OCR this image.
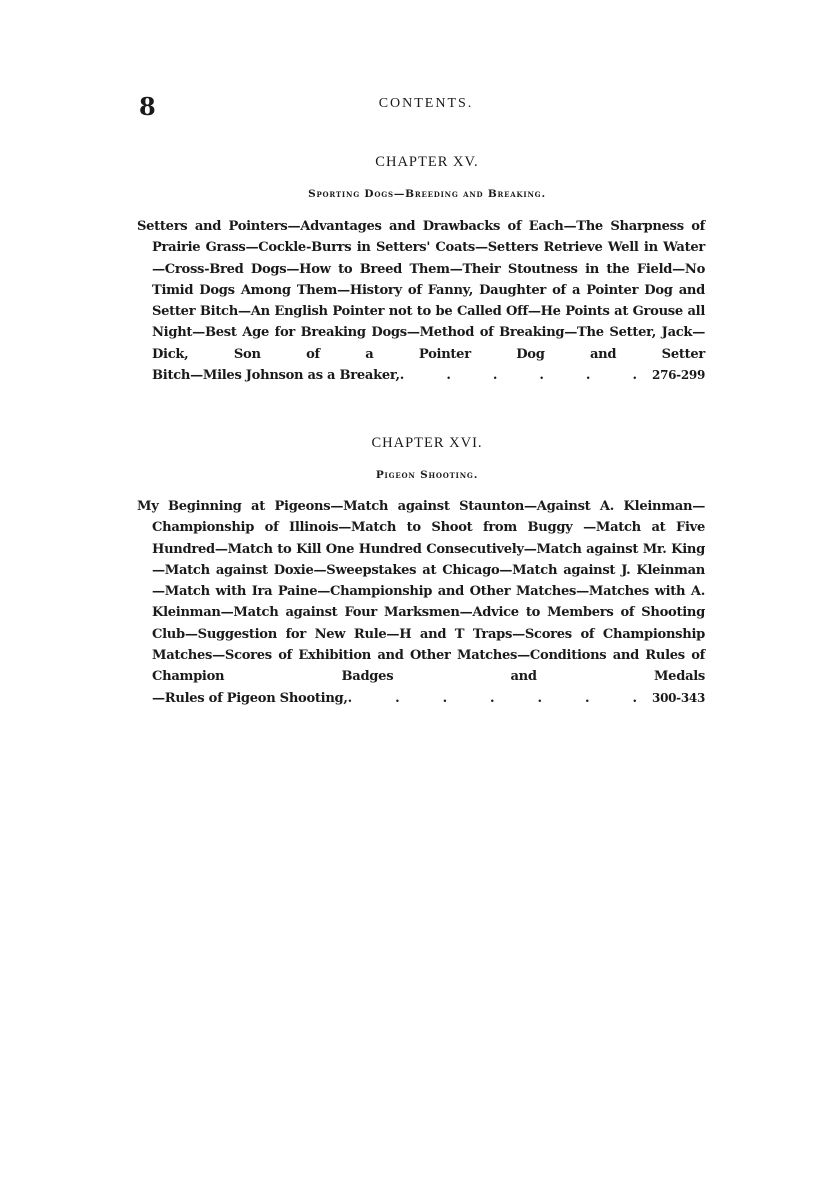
8	CONTENTS.
CHAPTER XV.
Sporting Dogs—Breeding and Breaking.
Setters and Pointers—Advantages and Drawbacks of Each—The Sharpness of Prairie Grass—Cockle-Burrs in Setters' Coats—Setters Retrieve Well in Water—Cross-Bred Dogs—How to Breed Them—Their Stoutness in the Field—No Timid Dogs Among Them—History of Fanny, Daughter of a Pointer Dog and Setter Bitch—An English Pointer not to be Called Off—He Points at Grouse all Night—Best Age for Breaking Dogs—Method of Breaking—The Setter, Jack—Dick, Son of a Pointer Dog and Setter
Bitch—Miles Johnson as a Breaker, . . . . . . 276-299
CHAPTER XVI.
Pigeon Shooting.
My Beginning at Pigeons—Match against Staunton—Against A. Kleinman—Championship of Illinois—Match to Shoot from Buggy —Match at Five Hundred—Match to Kill One Hundred Consecutively—Match against Mr. King—Match against Doxie—Sweepstakes at Chicago—Match against J. Kleinman—Match with Ira Paine—Championship and Other Matches—Matches with A. Kleinman—Match against Four Marksmen—Advice to Members of Shooting Club—Suggestion for New Rule—H and T Traps—Scores of Championship Matches—Scores of Exhibition and Other Matches—Conditions and Rules of Champion Badges and Medals
—Rules of Pigeon Shooting, . . . . . . . 300-343
